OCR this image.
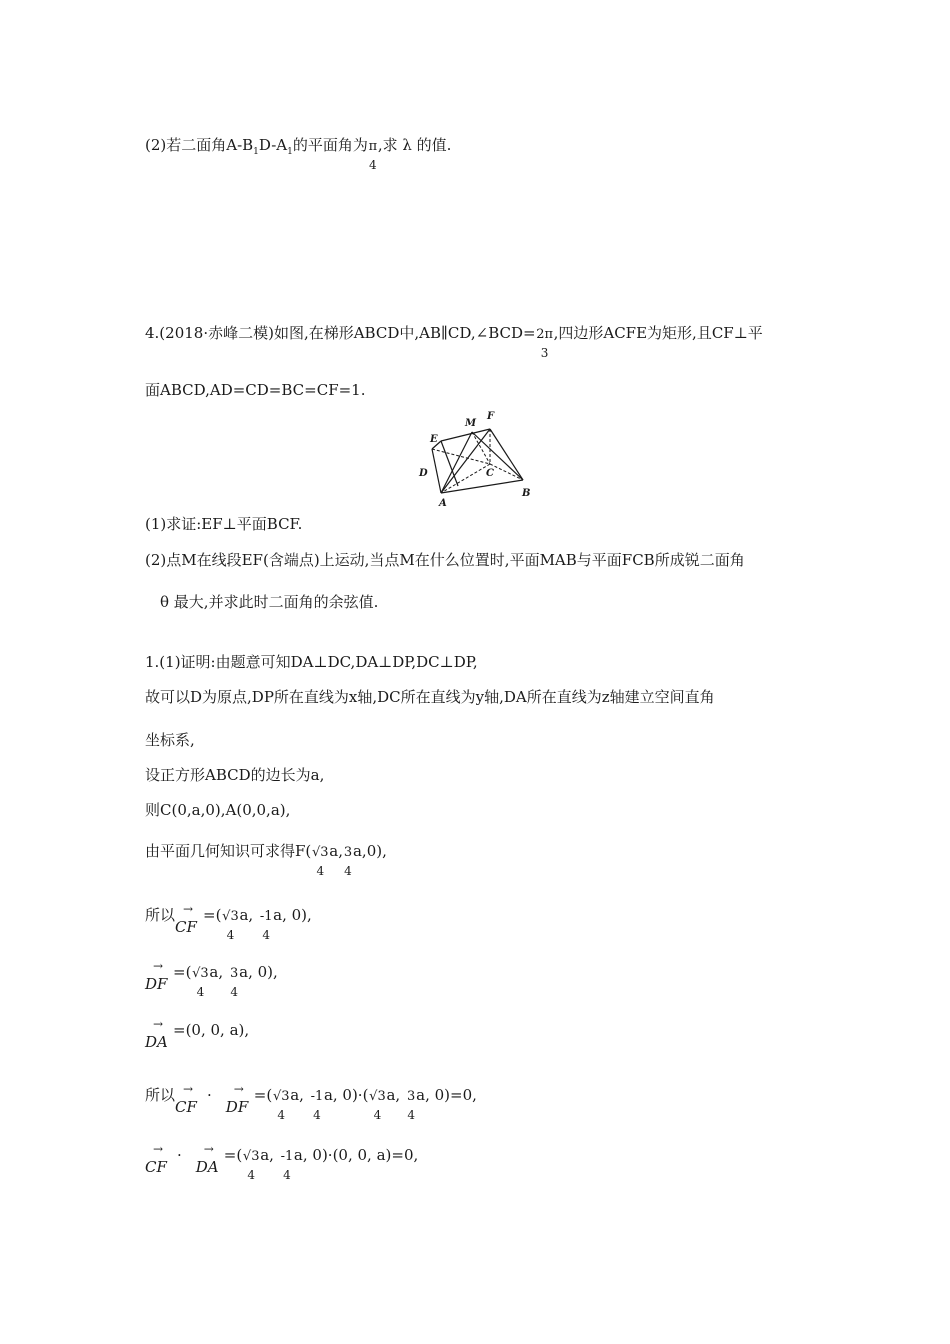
(2)若二面角$A-B_1D-A_1$的平面角为 π
4
,求 λ 的值.
4.(2018·赤峰二模)如图,在梯形ABCD中,AB∥CD,∠BCD= 2π
3
,四边形ACFE为矩形,且CF⊥平
面ABCD,AD=CD=BC=CF=1.
E
M
F
D	C
A
B
(1)求证:EF⊥平面BCF.
(2)点M在线段EF(含端点)上运动,当点M在什么位置时,平面MAB与平面FCB所成锐二面角
θ 最大,并求此时二面角的余弦值.
1.(1)证明:由题意可知DA⊥DC,DA⊥DP,DC⊥DP,
故可以D为原点,DP所在直线为x轴,DC所在直线为y轴,DA所在直线为z轴建立空间直角
坐标系,
设正方形ABCD的边长为a,
则C(0,a,0),A(0,0,a),
由平面几何知识可求得F( √3
4
a, 3
4
a,0),
所以 →
CF
=( √3
4
a, -1
4
a, 0),
→
DF
=( √3
4
a, 3
4
a, 0),
→
DA
=(0, 0, a),
所以 →
CF
· →
DF
=( √3
4
a, -1
4
a, 0)·( √3
4
a, 3
4
a, 0)=0,
→
CF
· →
DA
=( √3
4
a, -1
4
a, 0)·(0, 0, a)=0,
